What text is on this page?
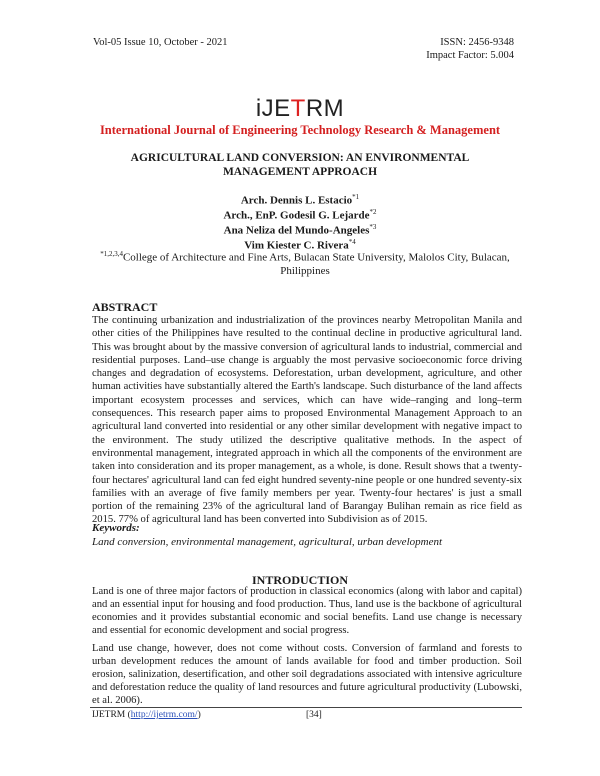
Vol-05 Issue 10, October - 2021	ISSN: 2456-9348
Impact Factor: 5.004
iJETRM
International Journal of Engineering Technology Research & Management
AGRICULTURAL LAND CONVERSION: AN ENVIRONMENTAL MANAGEMENT APPROACH
Arch. Dennis L. Estacio$^{*1}$
Arch., EnP. Godesil G. Lejarde$^{*2}$
Ana Neliza del Mundo-Angeles$^{*3}$
Vim Kiester C. Rivera$^{*4}$
$^{*1,2,3,4}$College of Architecture and Fine Arts, Bulacan State University, Malolos City, Bulacan, Philippines
ABSTRACT
The continuing urbanization and industrialization of the provinces nearby Metropolitan Manila and other cities of the Philippines have resulted to the continual decline in productive agricultural land. This was brought about by the massive conversion of agricultural lands to industrial, commercial and residential purposes. Land–use change is arguably the most pervasive socioeconomic force driving changes and degradation of ecosystems. Deforestation, urban development, agriculture, and other human activities have substantially altered the Earth's landscape. Such disturbance of the land affects important ecosystem processes and services, which can have wide–ranging and long–term consequences. This research paper aims to proposed Environmental Management Approach to an agricultural land converted into residential or any other similar development with negative impact to the environment. The study utilized the descriptive qualitative methods. In the aspect of environmental management, integrated approach in which all the components of the environment are taken into consideration and its proper management, as a whole, is done. Result shows that a twenty-four hectares' agricultural land can fed eight hundred seventy-nine people or one hundred seventy-six families with an average of five family members per year. Twenty-four hectares' is just a small portion of the remaining 23% of the agricultural land of Barangay Bulihan remain as rice field as 2015. 77% of agricultural land has been converted into Subdivision as of 2015.
Keywords:
Land conversion, environmental management, agricultural, urban development
INTRODUCTION
Land is one of three major factors of production in classical economics (along with labor and capital) and an essential input for housing and food production. Thus, land use is the backbone of agricultural economies and it provides substantial economic and social benefits. Land use change is necessary and essential for economic development and social progress.
Land use change, however, does not come without costs. Conversion of farmland and forests to urban development reduces the amount of lands available for food and timber production. Soil erosion, salinization, desertification, and other soil degradations associated with intensive agriculture and deforestation reduce the quality of land resources and future agricultural productivity (Lubowski, et al. 2006).
IJETRM (http://ijetrm.com/)	[34]
